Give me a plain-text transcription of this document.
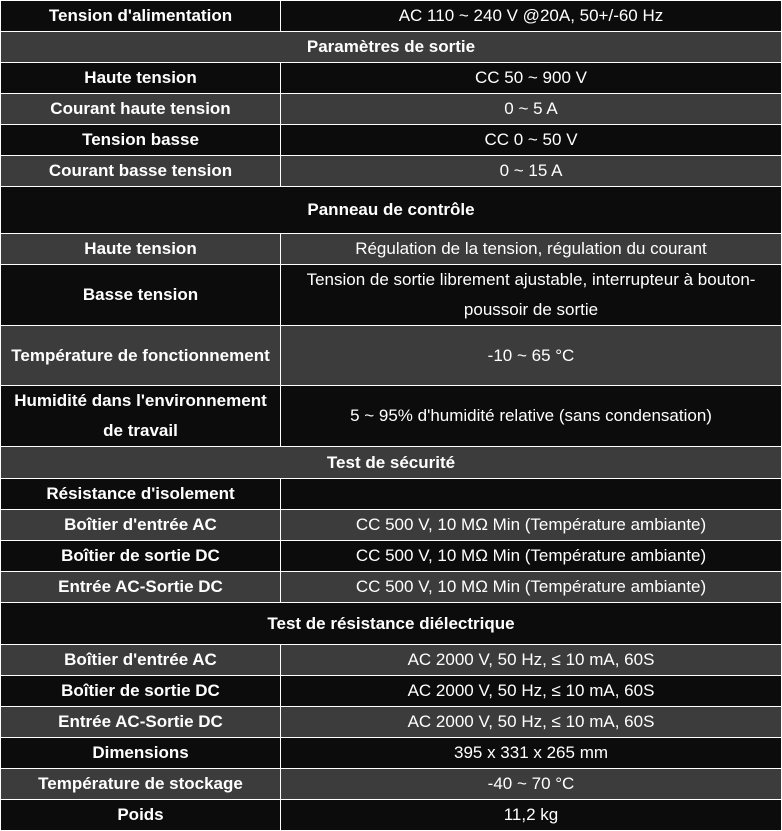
Tension d'alimentation	AC 110 ~ 240 V @20A, 50+/-60 Hz
Paramètres de sortie	
Haute tension	CC 50 ~ 900 V
Courant haute tension	0 ~ 5 A
Tension basse	CC 0 ~ 50 V
Courant basse tension	0 ~ 15 A
Panneau de contrôle	
Haute tension	Régulation de la tension, régulation du courant
Basse tension	Tension de sortie librement ajustable, interrupteur à bouton-poussoir de sortie
Température de fonctionnement	-10 ~ 65 °C
Humidité dans l'environnement de travail	5 ~ 95% d'humidité relative (sans condensation)
Test de sécurité	
Résistance d'isolement	
Boîtier d'entrée AC	CC 500 V, 10 MΩ Min (Température ambiante)
Boîtier de sortie DC	CC 500 V, 10 MΩ Min (Température ambiante)
Entrée AC-Sortie DC	CC 500 V, 10 MΩ Min (Température ambiante)
Test de résistance diélectrique	
Boîtier d'entrée AC	AC 2000 V, 50 Hz, ≤ 10 mA, 60S
Boîtier de sortie DC	AC 2000 V, 50 Hz, ≤ 10 mA, 60S
Entrée AC-Sortie DC	AC 2000 V, 50 Hz, ≤ 10 mA, 60S
Dimensions	395 x 331 x 265 mm
Température de stockage	-40 ~ 70 °C
Poids	11,2 kg
